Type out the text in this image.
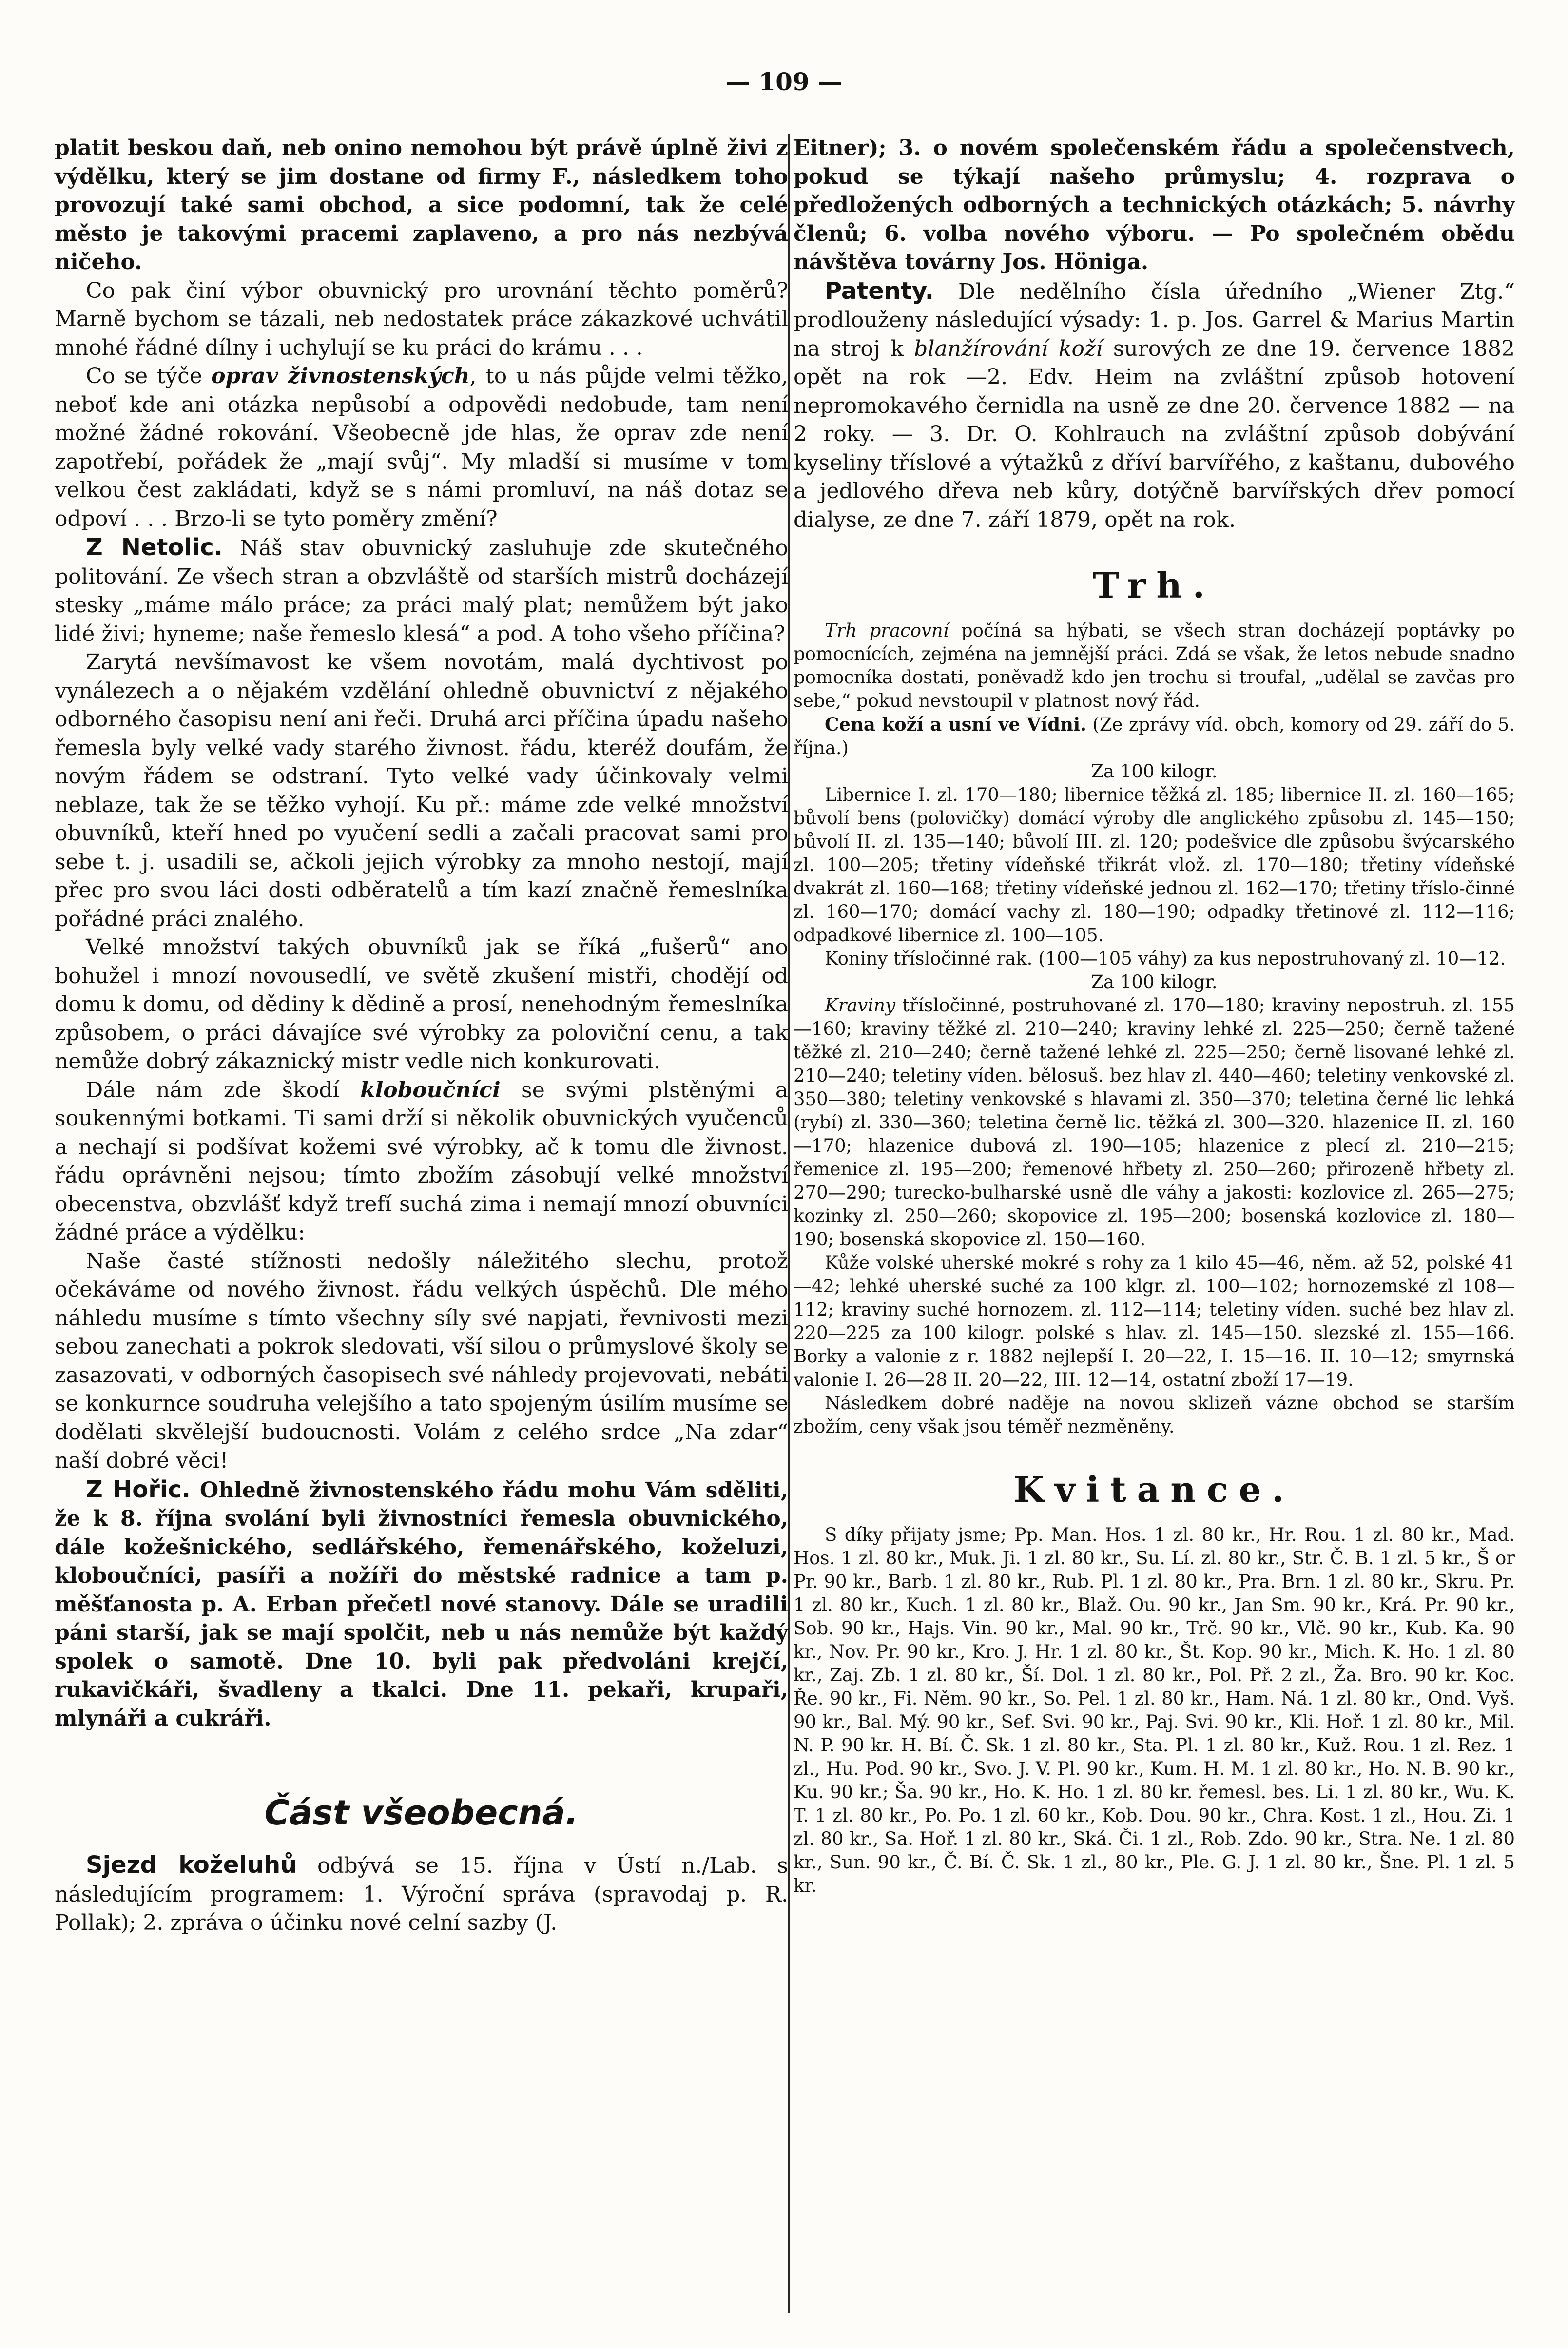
— 109 —

platit beskou daň, neb onino nemohou být právě úplně živi z výdělku, který se jim dostane od firmy F., následkem toho provozují také sami obchod, a sice podomní, tak že celé město je takovými pracemi zaplaveno, a pro nás nezbývá ničeho.

Co pak činí výbor obuvnický pro urovnání těchto poměrů? Marně bychom se tázali, neb nedostatek práce zákazkové uchvátil mnohé řádné dílny i uchylují se ku práci do krámu . . .

Co se týče oprav živnostenských, to u nás půjde velmi těžko, neboť kde ani otázka nepůsobí a odpovědi nedobude, tam není možné žádné rokování. Všeobecně jde hlas, že oprav zde není zapotřebí, pořádek že „mají svůj“. My mladší si musíme v tom velkou čest zakládati, když se s námi promluví, na náš dotaz se odpoví . . . Brzo-li se tyto poměry změní?

Z Netolic. Náš stav obuvnický zasluhuje zde skutečného politování. Ze všech stran a obzvláště od starších mistrů docházejí stesky „máme málo práce; za práci malý plat; nemůžem být jako lidé živi; hyneme; naše řemeslo klesá“ a pod. A toho všeho příčina?

Zarytá nevšímavost ke všem novotám, malá dychtivost po vynálezech a o nějakém vzdělání ohledně obuvnictví z nějakého odborného časopisu není ani řeči. Druhá arci příčina úpadu našeho řemesla byly velké vady starého živnost. řádu, kteréž doufám, že novým řádem se odstraní. Tyto velké vady účinkovaly velmi neblaze, tak že se těžko vyhojí. Ku př.: máme zde velké množství obuvníků, kteří hned po vyučení sedli a začali pracovat sami pro sebe t. j. usadili se, ačkoli jejich výrobky za mnoho nestojí, mají přec pro svou láci dosti odběratelů a tím kazí značně řemeslníka pořádné práci znalého.

Velké množství takých obuvníků jak se říká „fušerů“ ano bohužel i mnozí novousedlí, ve světě zkušení mistři, chodějí od domu k domu, od dědiny k dědině a prosí, nenehodným řemeslníka způsobem, o práci dávajíce své výrobky za poloviční cenu, a tak nemůže dobrý zákaznický mistr vedle nich konkurovati.

Dále nám zde škodí kloboučníci se svými plstěnými a soukennými botkami. Ti sami drží si několik obuvnických vyučenců a nechají si podšívat kožemi své výrobky, ač k tomu dle živnost. řádu oprávněni nejsou; tímto zbožím zásobují velké množství obecenstva, obzvlášť když trefí suchá zima i nemají mnozí obuvníci žádné práce a výdělku:

Naše časté stížnosti nedošly náležitého slechu, protož očekáváme od nového živnost. řádu velkých úspěchů. Dle mého náhledu musíme s tímto všechny síly své napjati, řevnivosti mezi sebou zanechati a pokrok sledovati, vší silou o průmyslové školy se zasazovati, v odborných časopisech své náhledy projevovati, nebáti se konkurnce soudruha velejšího a tato spojeným úsilím musíme se dodělati skvělejší budoucnosti. Volám z celého srdce „Na zdar“ naší dobré věci!

Z Hořic. Ohledně živnostenského řádu mohu Vám sděliti, že k 8. října svolání byli živnostníci řemesla obuvnického, dále kožešnického, sedlářského, řemenářského, koželuzi, kloboučníci, pasíři a nožíři do městské radnice a tam p. měšťanosta p. A. Erban přečetl nové stanovy. Dále se uradili páni starší, jak se mají spolčit, neb u nás nemůže být každý spolek o samotě. Dne 10. byli pak předvoláni krejčí, rukavičkáři, švadleny a tkalci. Dne 11. pekaři, krupaři, mlynáři a cukráři.

Část všeobecná.

Sjezd koželuhů odbývá se 15. října v Ústí n./Lab. s následujícím programem: 1. Výroční správa (spravodaj p. R. Pollak); 2. zpráva o účinku nové celní sazby (J.

Eitner); 3. o novém společenském řádu a společenstvech, pokud se týkají našeho průmyslu; 4. rozprava o předložených odborných a technických otázkách; 5. návrhy členů; 6. volba nového výboru. — Po společném obědu návštěva továrny Jos. Höniga.

Patenty. Dle nedělního čísla úředního „Wiener Ztg.“ prodlouženy následující výsady: 1. p. Jos. Garrel & Marius Martin na stroj k blanžírování koží surových ze dne 19. července 1882 opět na rok —2. Edv. Heim na zvláštní způsob hotovení nepromokavého černidla na usně ze dne 20. července 1882 — na 2 roky. — 3. Dr. O. Kohlrauch na zvláštní způsob dobývání kyseliny tříslové a výtažků z dříví barvířého, z kaštanu, dubového a jedlového dřeva neb kůry, dotýčně barvířských dřev pomocí dialyse, ze dne 7. září 1879, opět na rok.

Trh.

Trh pracovní počíná sa hýbati, se všech stran docházejí poptávky po pomocnících, zejména na jemnější práci. Zdá se však, že letos nebude snadno pomocníka dostati, poněvadž kdo jen trochu si troufal, „udělal se zavčas pro sebe,“ pokud nevstoupil v platnost nový řád.

Cena koží a usní ve Vídni. (Ze zprávy víd. obch, komory od 29. září do 5. října.)

Za 100 kilogr.

Libernice I. zl. 170—180; libernice těžká zl. 185; libernice II. zl. 160—165; bůvolí bens (polovičky) domácí výroby dle anglického způsobu zl. 145—150; bůvolí II. zl. 135—140; bůvolí III. zl. 120; podešvice dle způsobu švýcarského zl. 100—205; třetiny vídeňské třikrát vlož. zl. 170—180; třetiny vídeňské dvakrát zl. 160—168; třetiny vídeňské jednou zl. 162—170; třetiny tříslo-činné zl. 160—170; domácí vachy zl. 180—190; odpadky třetinové zl. 112—116; odpadkové libernice zl. 100—105.

Koniny třísločinné rak. (100—105 váhy) za kus nepostruhovaný zl. 10—12.

Za 100 kilogr.

Kraviny třísločinné, postruhované zl. 170—180; kraviny nepostruh. zl. 155—160; kraviny těžké zl. 210—240; kraviny lehké zl. 225—250; černě tažené těžké zl. 210—240; černě tažené lehké zl. 225—250; černě lisované lehké zl. 210—240; teletiny víden. bělosuš. bez hlav zl. 440—460; teletiny venkovské zl. 350—380; teletiny venkovské s hlavami zl. 350—370; teletina černé lic lehká (rybí) zl. 330—360; teletina černě lic. těžká zl. 300—320. hlazenice II. zl. 160—170; hlazenice dubová zl. 190—105; hlazenice z plecí zl. 210—215; řemenice zl. 195—200; řemenové hřbety zl. 250—260; přirozeně hřbety zl. 270—290; turecko-bulharské usně dle váhy a jakosti: kozlovice zl. 265—275; kozinky zl. 250—260; skopovice zl. 195—200; bosenská kozlovice zl. 180—190; bosenská skopovice zl. 150—160.

Kůže volské uherské mokré s rohy za 1 kilo 45—46, něm. až 52, polské 41—42; lehké uherské suché za 100 klgr. zl. 100—102; hornozemské zl 108—112; kraviny suché hornozem. zl. 112—114; teletiny víden. suché bez hlav zl. 220—225 za 100 kilogr. polské s hlav. zl. 145—150. slezské zl. 155—166. Borky a valonie z r. 1882 nejlepší I. 20—22, I. 15—16. II. 10—12; smyrnská valonie I. 26—28 II. 20—22, III. 12—14, ostatní zboží 17—19.

Následkem dobré naděje na novou sklizeň vázne obchod se starším zbožím, ceny však jsou téměř nezměněny.

Kvitance.

S díky přijaty jsme; Pp. Man. Hos. 1 zl. 80 kr., Hr. Rou. 1 zl. 80 kr., Mad. Hos. 1 zl. 80 kr., Muk. Ji. 1 zl. 80 kr., Su. Lí. zl. 80 kr., Str. Č. B. 1 zl. 5 kr., Š or Pr. 90 kr., Barb. 1 zl. 80 kr., Rub. Pl. 1 zl. 80 kr., Pra. Brn. 1 zl. 80 kr., Skru. Pr. 1 zl. 80 kr., Kuch. 1 zl. 80 kr., Blaž. Ou. 90 kr., Jan Sm. 90 kr., Krá. Pr. 90 kr., Sob. 90 kr., Hajs. Vin. 90 kr., Mal. 90 kr., Trč. 90 kr., Vlč. 90 kr., Kub. Ka. 90 kr., Nov. Pr. 90 kr., Kro. J. Hr. 1 zl. 80 kr., Št. Kop. 90 kr., Mich. K. Ho. 1 zl. 80 kr., Zaj. Zb. 1 zl. 80 kr., Ší. Dol. 1 zl. 80 kr., Pol. Př. 2 zl., Ža. Bro. 90 kr. Koc. Ře. 90 kr., Fi. Něm. 90 kr., So. Pel. 1 zl. 80 kr., Ham. Ná. 1 zl. 80 kr., Ond. Vyš. 90 kr., Bal. Mý. 90 kr., Sef. Svi. 90 kr., Paj. Svi. 90 kr., Kli. Hoř. 1 zl. 80 kr., Mil. N. P. 90 kr. H. Bí. Č. Sk. 1 zl. 80 kr., Sta. Pl. 1 zl. 80 kr., Kuž. Rou. 1 zl. Rez. 1 zl., Hu. Pod. 90 kr., Svo. J. V. Pl. 90 kr., Kum. H. M. 1 zl. 80 kr., Ho. N. B. 90 kr., Ku. 90 kr.; Ša. 90 kr., Ho. K. Ho. 1 zl. 80 kr. řemesl. bes. Li. 1 zl. 80 kr., Wu. K. T. 1 zl. 80 kr., Po. Po. 1 zl. 60 kr., Kob. Dou. 90 kr., Chra. Kost. 1 zl., Hou. Zi. 1 zl. 80 kr., Sa. Hoř. 1 zl. 80 kr., Ská. Či. 1 zl., Rob. Zdo. 90 kr., Stra. Ne. 1 zl. 80 kr., Sun. 90 kr., Č. Bí. Č. Sk. 1 zl., 80 kr., Ple. G. J. 1 zl. 80 kr., Šne. Pl. 1 zl. 5 kr.
